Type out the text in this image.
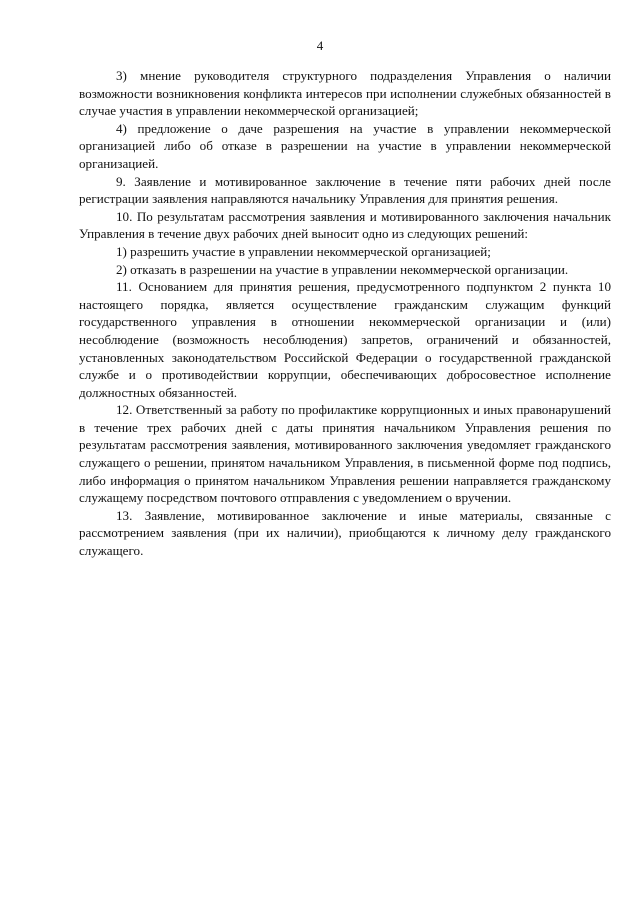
4

3) мнение руководителя структурного подразделения Управления о наличии возможности возникновения конфликта интересов при исполнении служебных обязанностей в случае участия в управлении некоммерческой организацией;

4) предложение о даче разрешения на участие в управлении некоммерческой организацией либо об отказе в разрешении на участие в управлении некоммерческой организацией.

9. Заявление и мотивированное заключение в течение пяти рабочих дней после регистрации заявления направляются начальнику Управления для принятия решения.

10. По результатам рассмотрения заявления и мотивированного заключения начальник Управления в течение двух рабочих дней выносит одно из следующих решений:

1) разрешить участие в управлении некоммерческой организацией;

2) отказать в разрешении на участие в управлении некоммерческой организации.

11. Основанием для принятия решения, предусмотренного подпунктом 2 пункта 10 настоящего порядка, является осуществление гражданским служащим функций государственного управления в отношении некоммерческой организации и (или) несоблюдение (возможность несоблюдения) запретов, ограничений и обязанностей, установленных законодательством Российской Федерации о государственной гражданской службе и о противодействии коррупции, обеспечивающих добросовестное исполнение должностных обязанностей.

12. Ответственный за работу по профилактике коррупционных и иных правонарушений в течение трех рабочих дней с даты принятия начальником Управления решения по результатам рассмотрения заявления, мотивированного заключения уведомляет гражданского служащего о решении, принятом начальником Управления, в письменной форме под подпись, либо информация о принятом начальником Управления решении направляется гражданскому служащему посредством почтового отправления с уведомлением о вручении.

13. Заявление, мотивированное заключение и иные материалы, связанные с рассмотрением заявления (при их наличии), приобщаются к личному делу гражданского служащего.
